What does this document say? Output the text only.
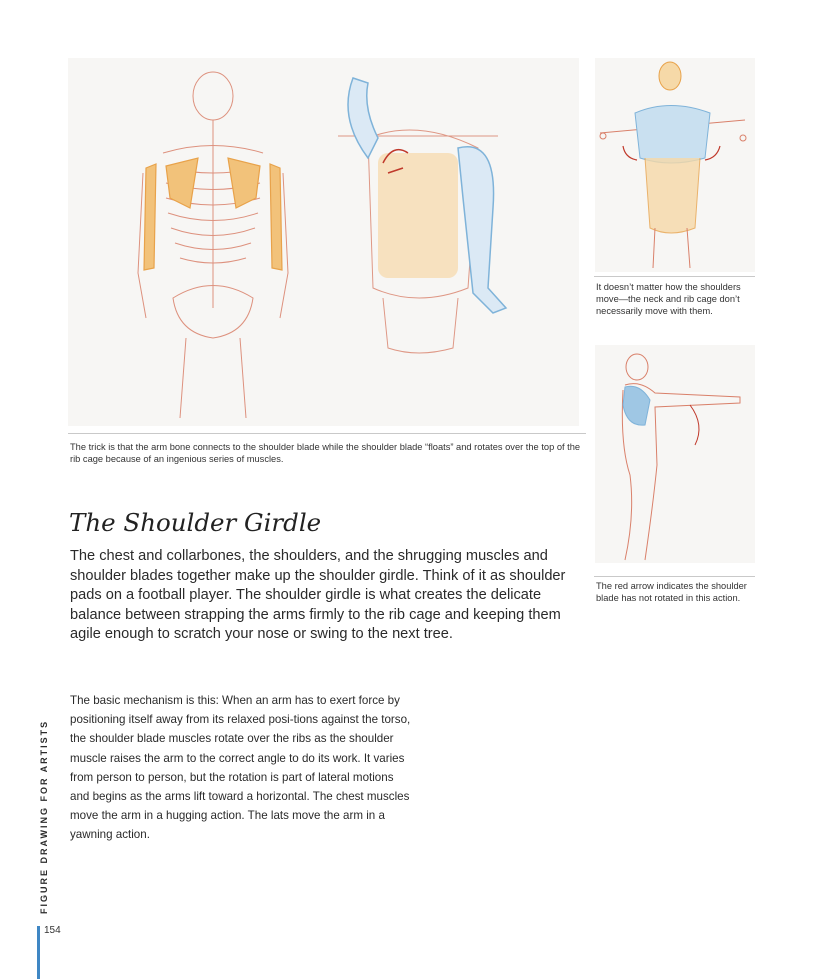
The trick is that the arm bone connects to the shoulder blade while the shoulder blade “floats” and rotates over the top of the rib cage because of an ingenious series of muscles.
It doesn’t matter how the shoulders move—the neck and rib cage don’t necessarily move with them.
The red arrow indicates the shoulder blade has not rotated in this action.
The Shoulder Girdle
The chest and collarbones, the shoulders, and the shrugging muscles and shoulder blades together make up the shoulder girdle. Think of it as shoulder pads on a football player. The shoulder girdle is what creates the delicate balance between strapping the arms firmly to the rib cage and keeping them agile enough to scratch your nose or swing to the next tree.
The basic mechanism is this: When an arm has to exert force by positioning itself away from its relaxed posi-tions against the torso, the shoulder blade muscles rotate over the ribs as the shoulder muscle raises the arm to the correct angle to do its work. It varies from person to person, but the rotation is part of lateral motions and begins as the arms lift toward a horizontal. The chest muscles move the arm in a hugging action. The lats move the arm in a yawning action.
FIGURE DRAWING FOR ARTISTS
154
